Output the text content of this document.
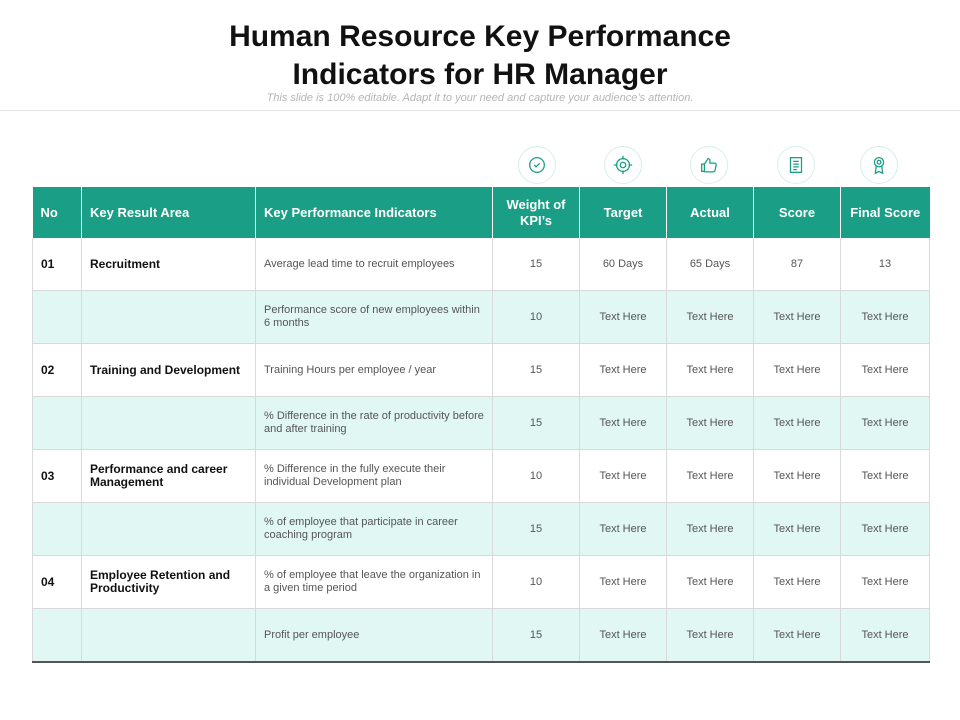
Human Resource Key Performance
Indicators for HR Manager
This slide is 100% editable. Adapt it to your need and capture your audience’s attention.
No	Key Result Area	Key Performance Indicators	Weight of KPI’s	Target	Actual	Score	Final Score
01	Recruitment	Average lead time to recruit employees	15	60 Days	65 Days	87	13
		Performance score of new employees within 6 months	10	Text Here	Text Here	Text Here	Text Here
02	Training and Development	Training Hours per employee / year	15	Text Here	Text Here	Text Here	Text Here
		% Difference in the rate of productivity before and after training	15	Text Here	Text Here	Text Here	Text Here
03	Performance and career Management	% Difference in the fully execute their individual Development plan	10	Text Here	Text Here	Text Here	Text Here
		% of employee that participate in career coaching program	15	Text Here	Text Here	Text Here	Text Here
04	Employee Retention and Productivity	% of employee that leave the organization in a given time period	10	Text Here	Text Here	Text Here	Text Here
		Profit per employee	15	Text Here	Text Here	Text Here	Text Here
